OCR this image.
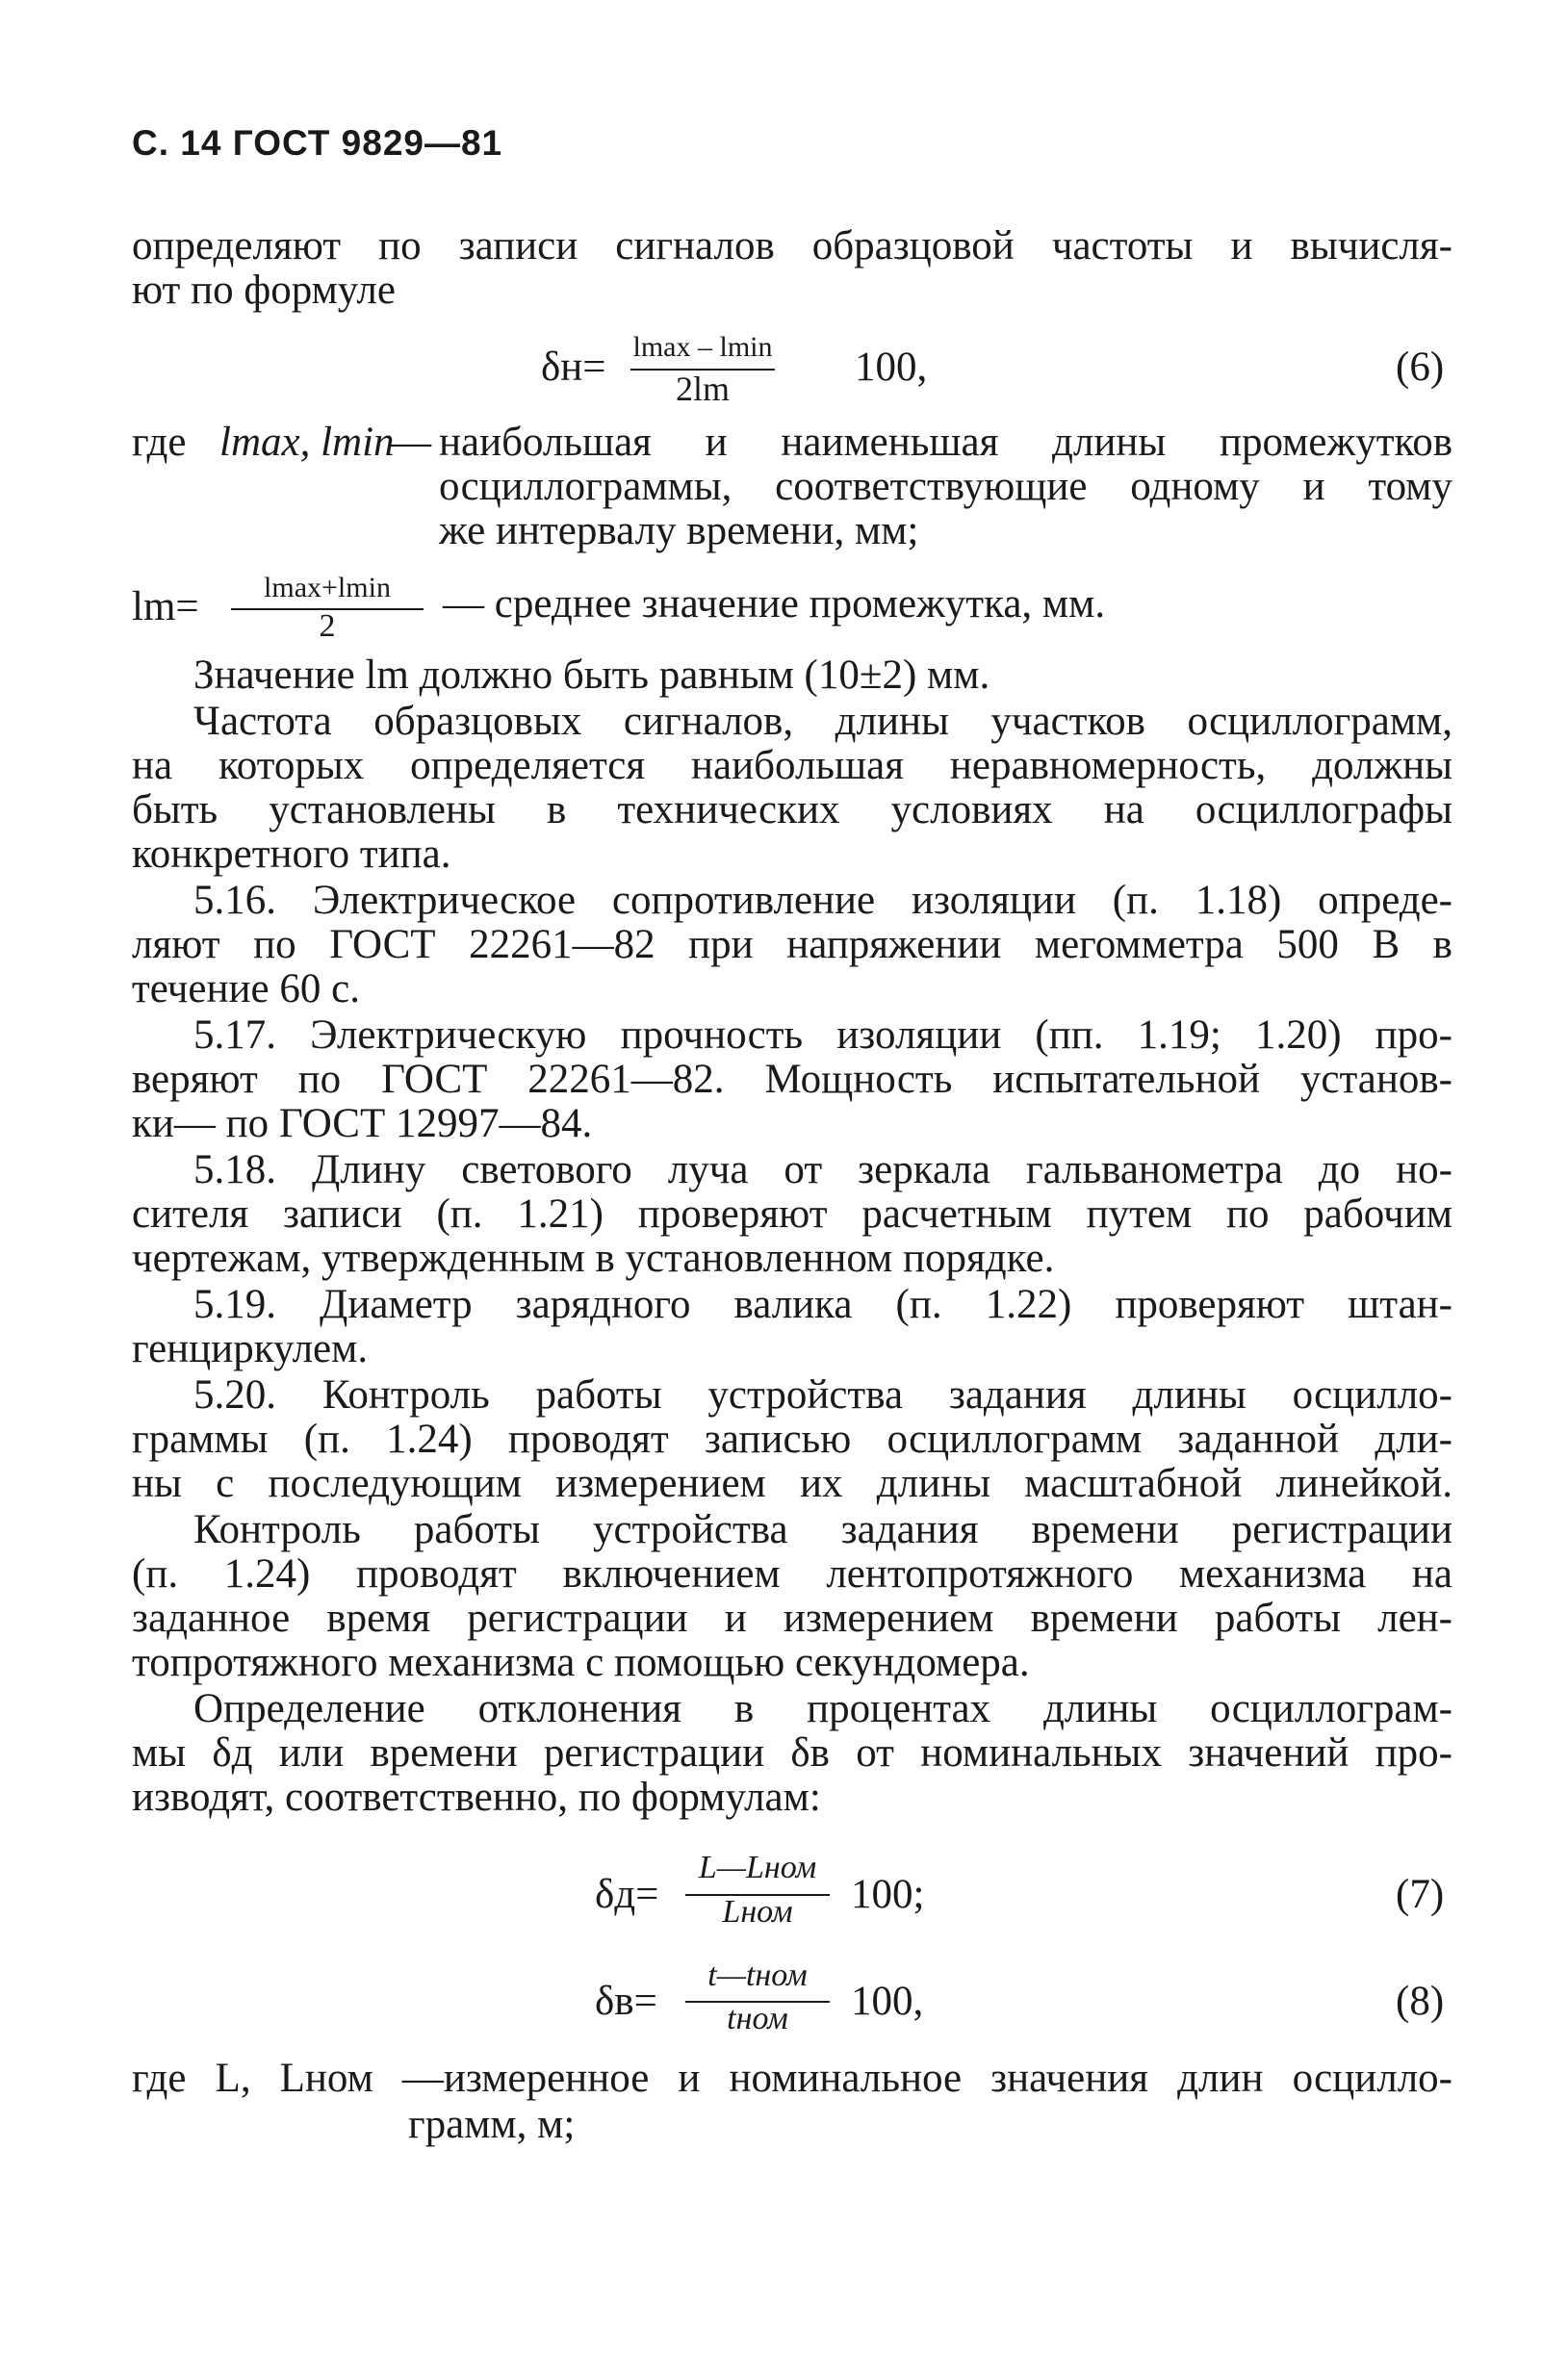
С. 14 ГОСТ 9829—81
определяют по записи сигналов образцовой частоты и вычисля-
ют по формуле
δн= lmax – lmin
2lm	100,	(6)
где lmax, lmin
— наибольшая и наименьшая длины промежутков
осциллограммы, соответствующие одному и тому
же интервалу времени, мм;
lm=	lmax+lmin
2	— среднее значение промежутка, мм.
Значение lm должно быть равным (10±2) мм.
Частота образцовых сигналов, длины участков осциллограмм,
на которых определяется наибольшая неравномерность, должны
быть установлены в технических условиях на осциллографы
конкретного типа.
5.16. Электрическое сопротивление изоляции (п. 1.18) опреде-
ляют по ГОСТ 22261—82 при напряжении мегомметра 500 В в
течение 60 с.
5.17. Электрическую прочность изоляции (пп. 1.19; 1.20) про-
веряют по ГОСТ 22261—82. Мощность испытательной установ-
ки— по ГОСТ 12997—84.
5.18. Длину светового луча от зеркала гальванометра до но-
сителя записи (п. 1.21) проверяют расчетным путем по рабочим
чертежам, утвержденным в установленном порядке.
5.19. Диаметр зарядного валика (п. 1.22) проверяют штан-
генциркулем.
5.20. Контроль работы устройства задания длины осцилло-
граммы (п. 1.24) проводят записью осциллограмм заданной дли-
ны с последующим измерением их длины масштабной линейкой.
Контроль работы устройства задания времени регистрации
(п. 1.24) проводят включением лентопротяжного механизма на
заданное время регистрации и измерением времени работы лен-
топротяжного механизма с помощью секундомера.
Определение отклонения в процентах длины осциллограм-
мы δд или времени регистрации δв от номинальных значений про-
изводят, соответственно, по формулам:
δд=
L—Lном
Lном	100;	(7)
δв=
t—tном
tном	100,	(8)
где L, Lном —измеренное и номинальное значения длин осцилло-
грамм, м;
